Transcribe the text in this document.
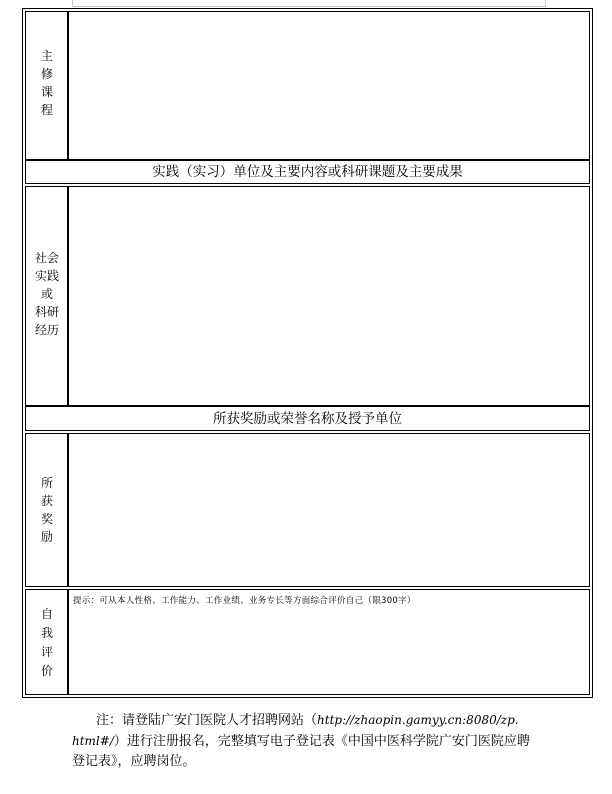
主
修
课
程
实践（实习）单位及主要内容或科研课题及主要成果
社会
实践
或
科研
经历
所获奖励或荣誉名称及授予单位
所
获
奖
励
自
我
评
价
提示：可从本人性格、工作能力、工作业绩、业务专长等方面综合评价自己（限300字）
注：请登陆广安门医院人才招聘网站（http://zhaopin.gamyy.cn:8080/zp.
html#/）进行注册报名，完整填写电子登记表《中国中医科学院广安门医院应聘
登记表》，应聘岗位。
